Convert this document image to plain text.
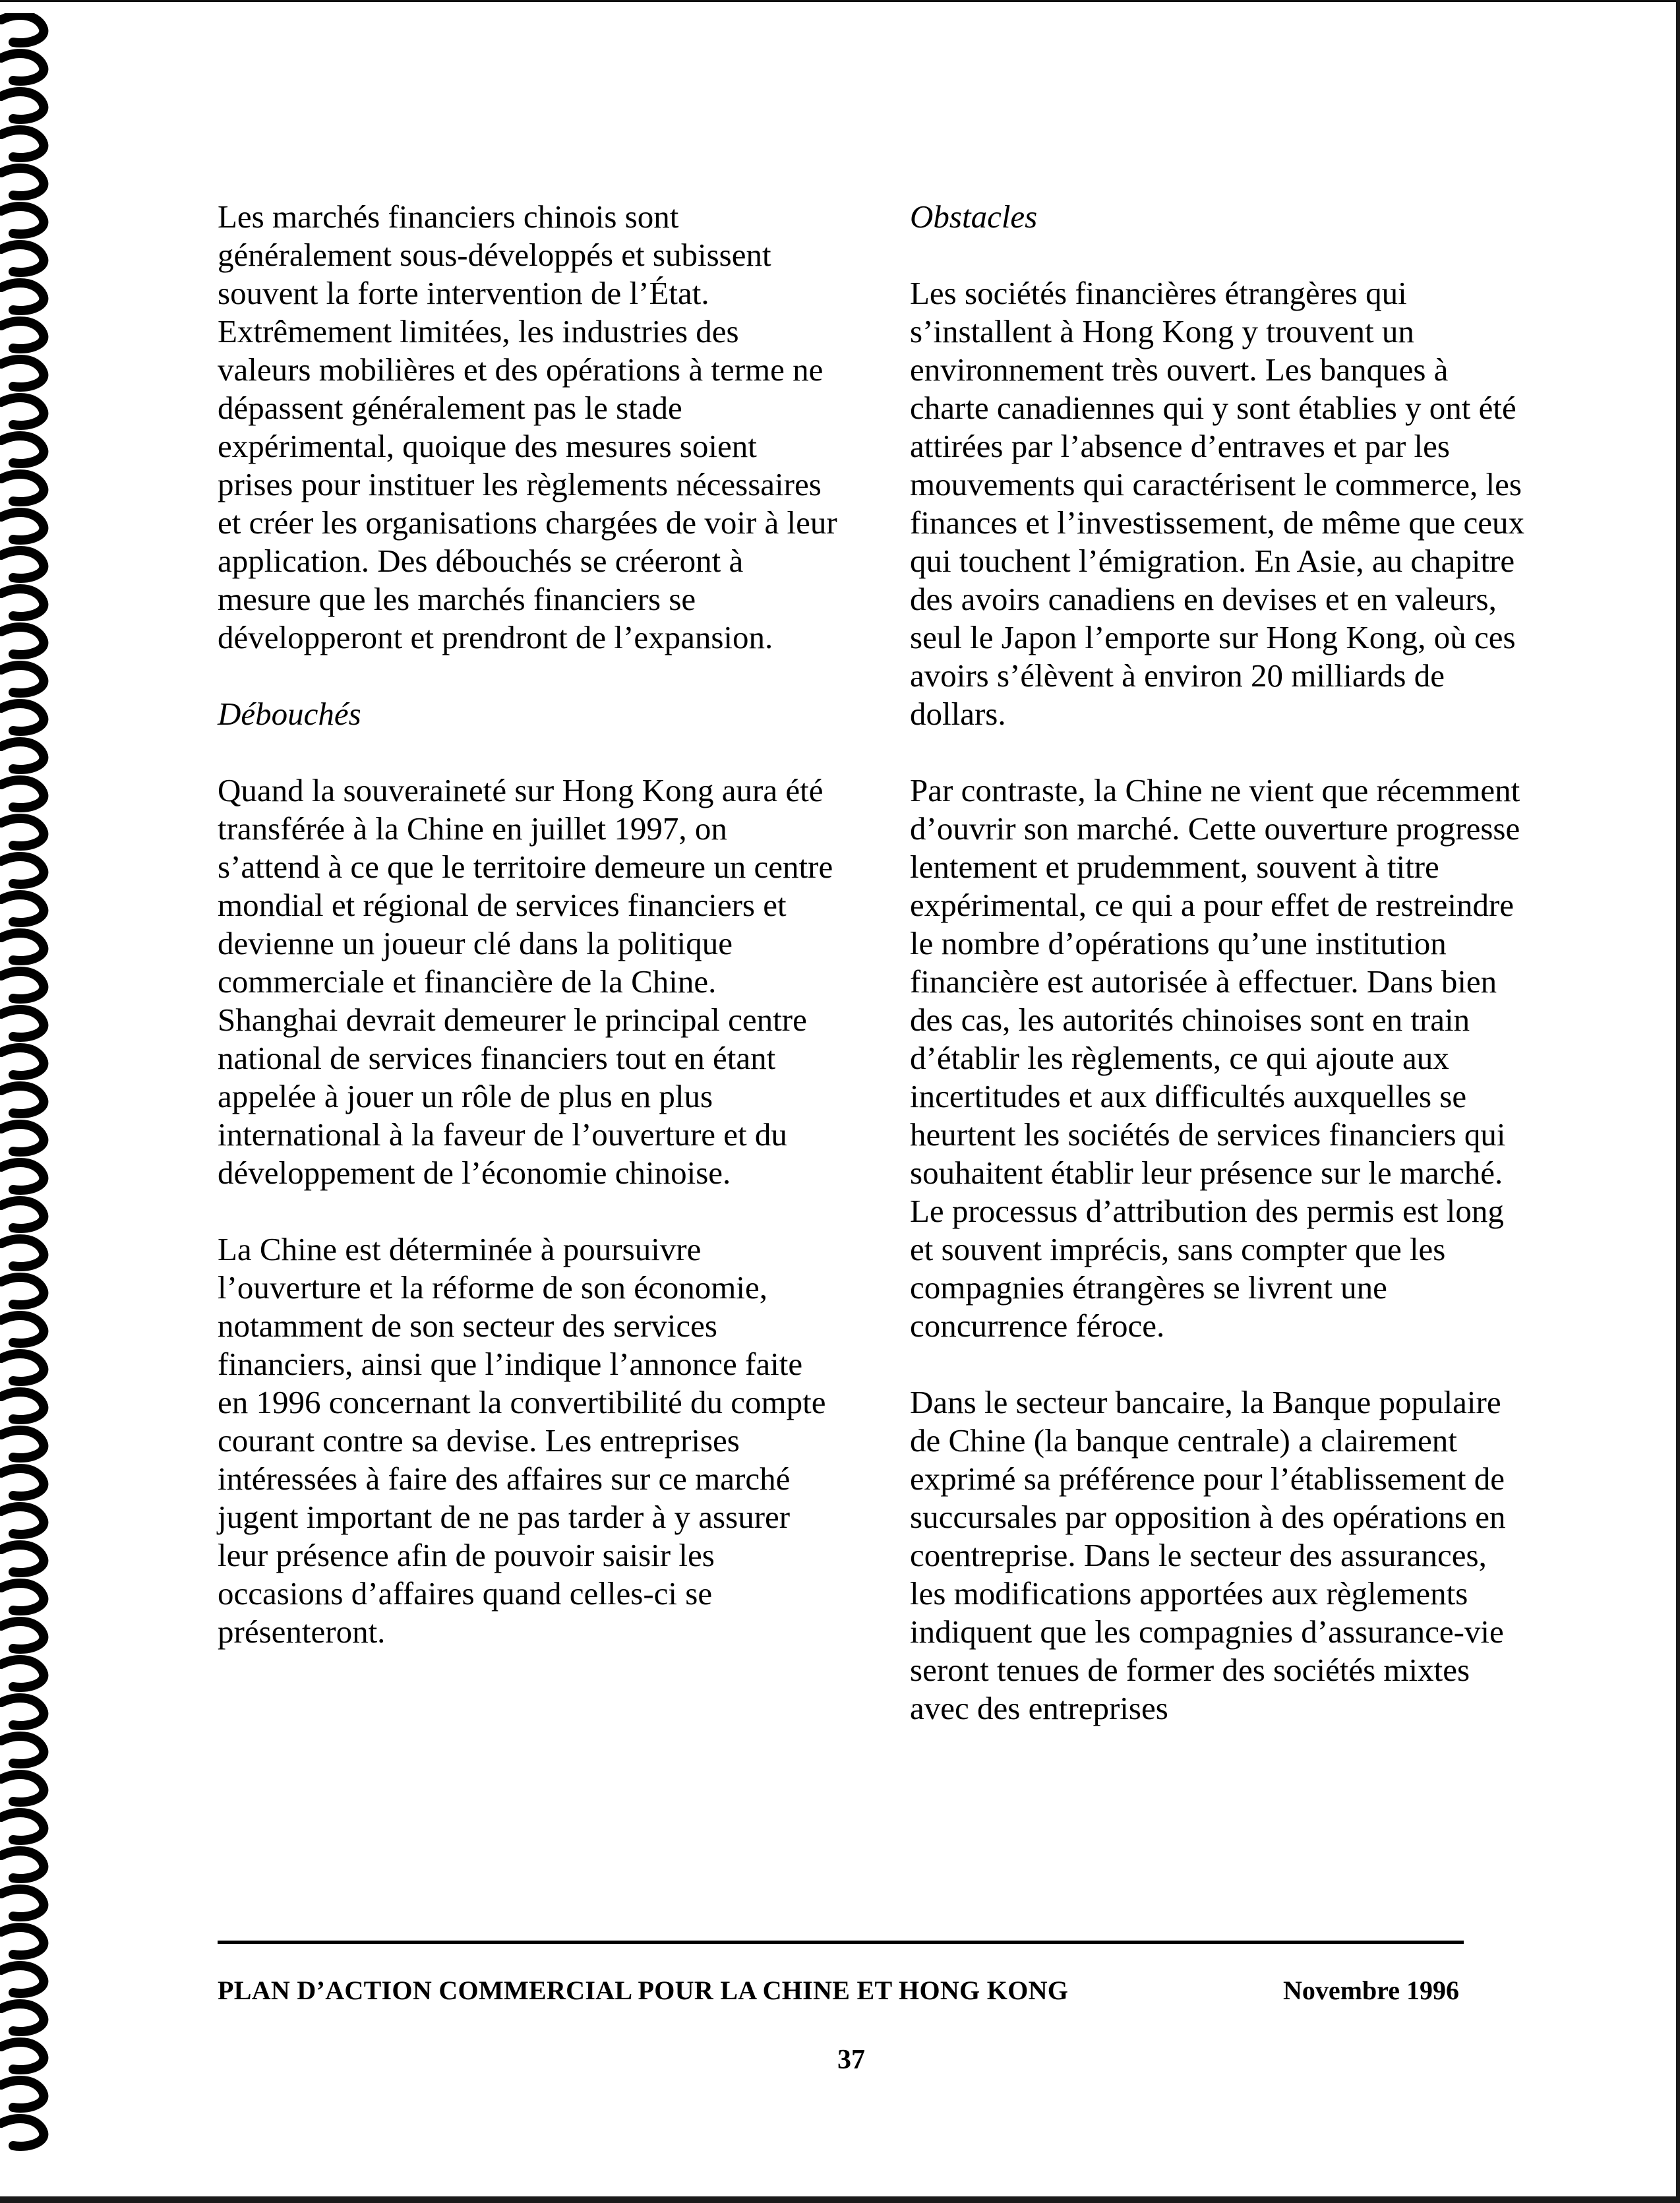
Les marchés financiers chinois sont généralement sous-développés et subissent souvent la forte intervention de l’État. Extrêmement limitées, les industries des valeurs mobilières et des opérations à terme ne dépassent généralement pas le stade expérimental, quoique des mesures soient prises pour instituer les règlements nécessaires et créer les organisations chargées de voir à leur application. Des débouchés se créeront à mesure que les marchés financiers se développeront et prendront de l’expansion.

Débouchés

Quand la souveraineté sur Hong Kong aura été transférée à la Chine en juillet 1997, on s’attend à ce que le territoire demeure un centre mondial et régional de services financiers et devienne un joueur clé dans la politique commerciale et financière de la Chine. Shanghai devrait demeurer le principal centre national de services financiers tout en étant appelée à jouer un rôle de plus en plus international à la faveur de l’ouverture et du développement de l’économie chinoise.

La Chine est déterminée à poursuivre l’ouverture et la réforme de son économie, notamment de son secteur des services financiers, ainsi que l’indique l’annonce faite en 1996 concernant la convertibilité du compte courant contre sa devise. Les entreprises intéressées à faire des affaires sur ce marché jugent important de ne pas tarder à y assurer leur présence afin de pouvoir saisir les occasions d’affaires quand celles-ci se présenteront.

Obstacles

Les sociétés financières étrangères qui s’installent à Hong Kong y trouvent un environnement très ouvert. Les banques à charte canadiennes qui y sont établies y ont été attirées par l’absence d’entraves et par les mouvements qui caractérisent le commerce, les finances et l’investissement, de même que ceux qui touchent l’émigration. En Asie, au chapitre des avoirs canadiens en devises et en valeurs, seul le Japon l’emporte sur Hong Kong, où ces avoirs s’élèvent à environ 20 milliards de dollars.

Par contraste, la Chine ne vient que récemment d’ouvrir son marché. Cette ouverture progresse lentement et prudemment, souvent à titre expérimental, ce qui a pour effet de restreindre le nombre d’opérations qu’une institution financière est autorisée à effectuer. Dans bien des cas, les autorités chinoises sont en train d’établir les règlements, ce qui ajoute aux incertitudes et aux difficultés auxquelles se heurtent les sociétés de services financiers qui souhaitent établir leur présence sur le marché. Le processus d’attribution des permis est long et souvent imprécis, sans compter que les compagnies étrangères se livrent une concurrence féroce.

Dans le secteur bancaire, la Banque populaire de Chine (la banque centrale) a clairement exprimé sa préférence pour l’établissement de succursales par opposition à des opérations en coentreprise. Dans le secteur des assurances, les modifications apportées aux règlements indiquent que les compagnies d’assurance-vie seront tenues de former des sociétés mixtes avec des entreprises

PLAN D’ACTION COMMERCIAL POUR LA CHINE ET HONG KONG	Novembre 1996
37
